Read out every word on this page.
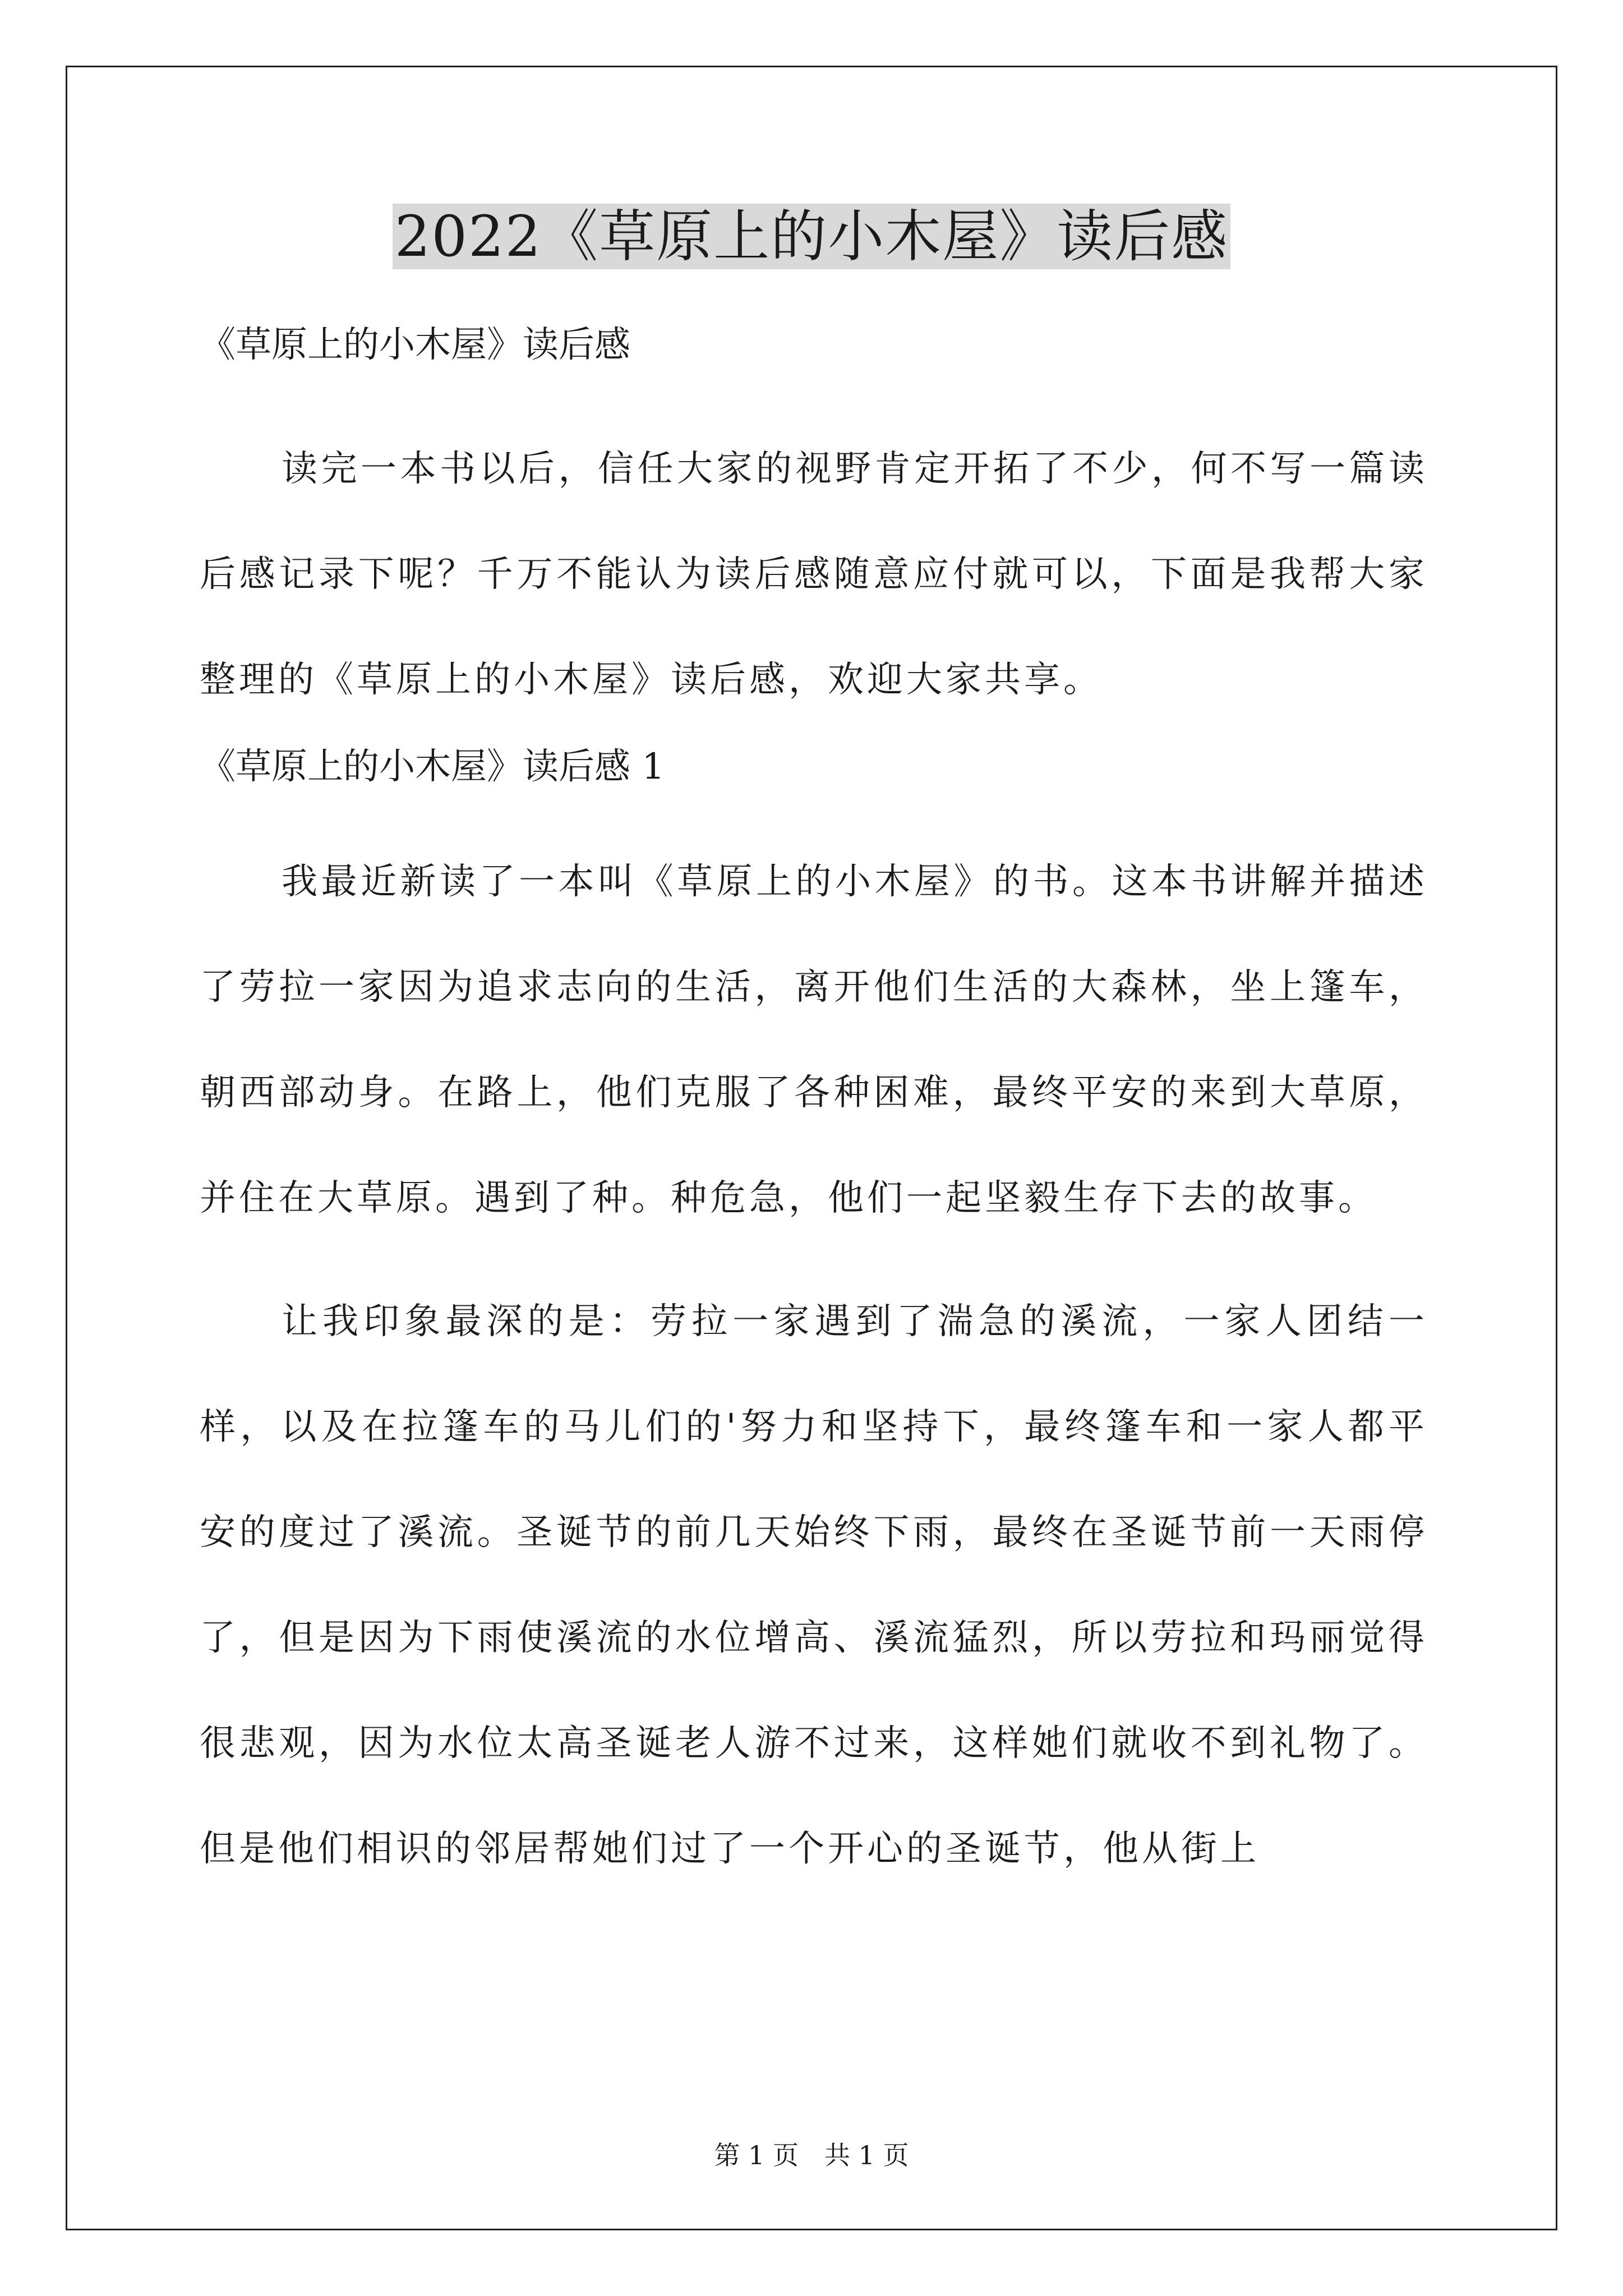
2022《草原上的小木屋》读后感

《草原上的小木屋》读后感

读完一本书以后，信任大家的视野肯定开拓了不少，何不写一篇读后感记录下呢？千万不能认为读后感随意应付就可以，下面是我帮大家整理的《草原上的小木屋》读后感，欢迎大家共享。

《草原上的小木屋》读后感 1

我最近新读了一本叫《草原上的小木屋》的书。这本书讲解并描述了劳拉一家因为追求志向的生活，离开他们生活的大森林，坐上篷车，朝西部动身。在路上，他们克服了各种困难，最终平安的来到大草原，并住在大草原。遇到了种。种危急，他们一起坚毅生存下去的故事。

让我印象最深的是：劳拉一家遇到了湍急的溪流，一家人团结一样，以及在拉篷车的马儿们的'努力和坚持下，最终篷车和一家人都平安的度过了溪流。圣诞节的前几天始终下雨，最终在圣诞节前一天雨停了，但是因为下雨使溪流的水位增高、溪流猛烈，所以劳拉和玛丽觉得很悲观，因为水位太高圣诞老人游不过来，这样她们就收不到礼物了。但是他们相识的邻居帮她们过了一个开心的圣诞节，他从街上

第 1 页　共 1 页
